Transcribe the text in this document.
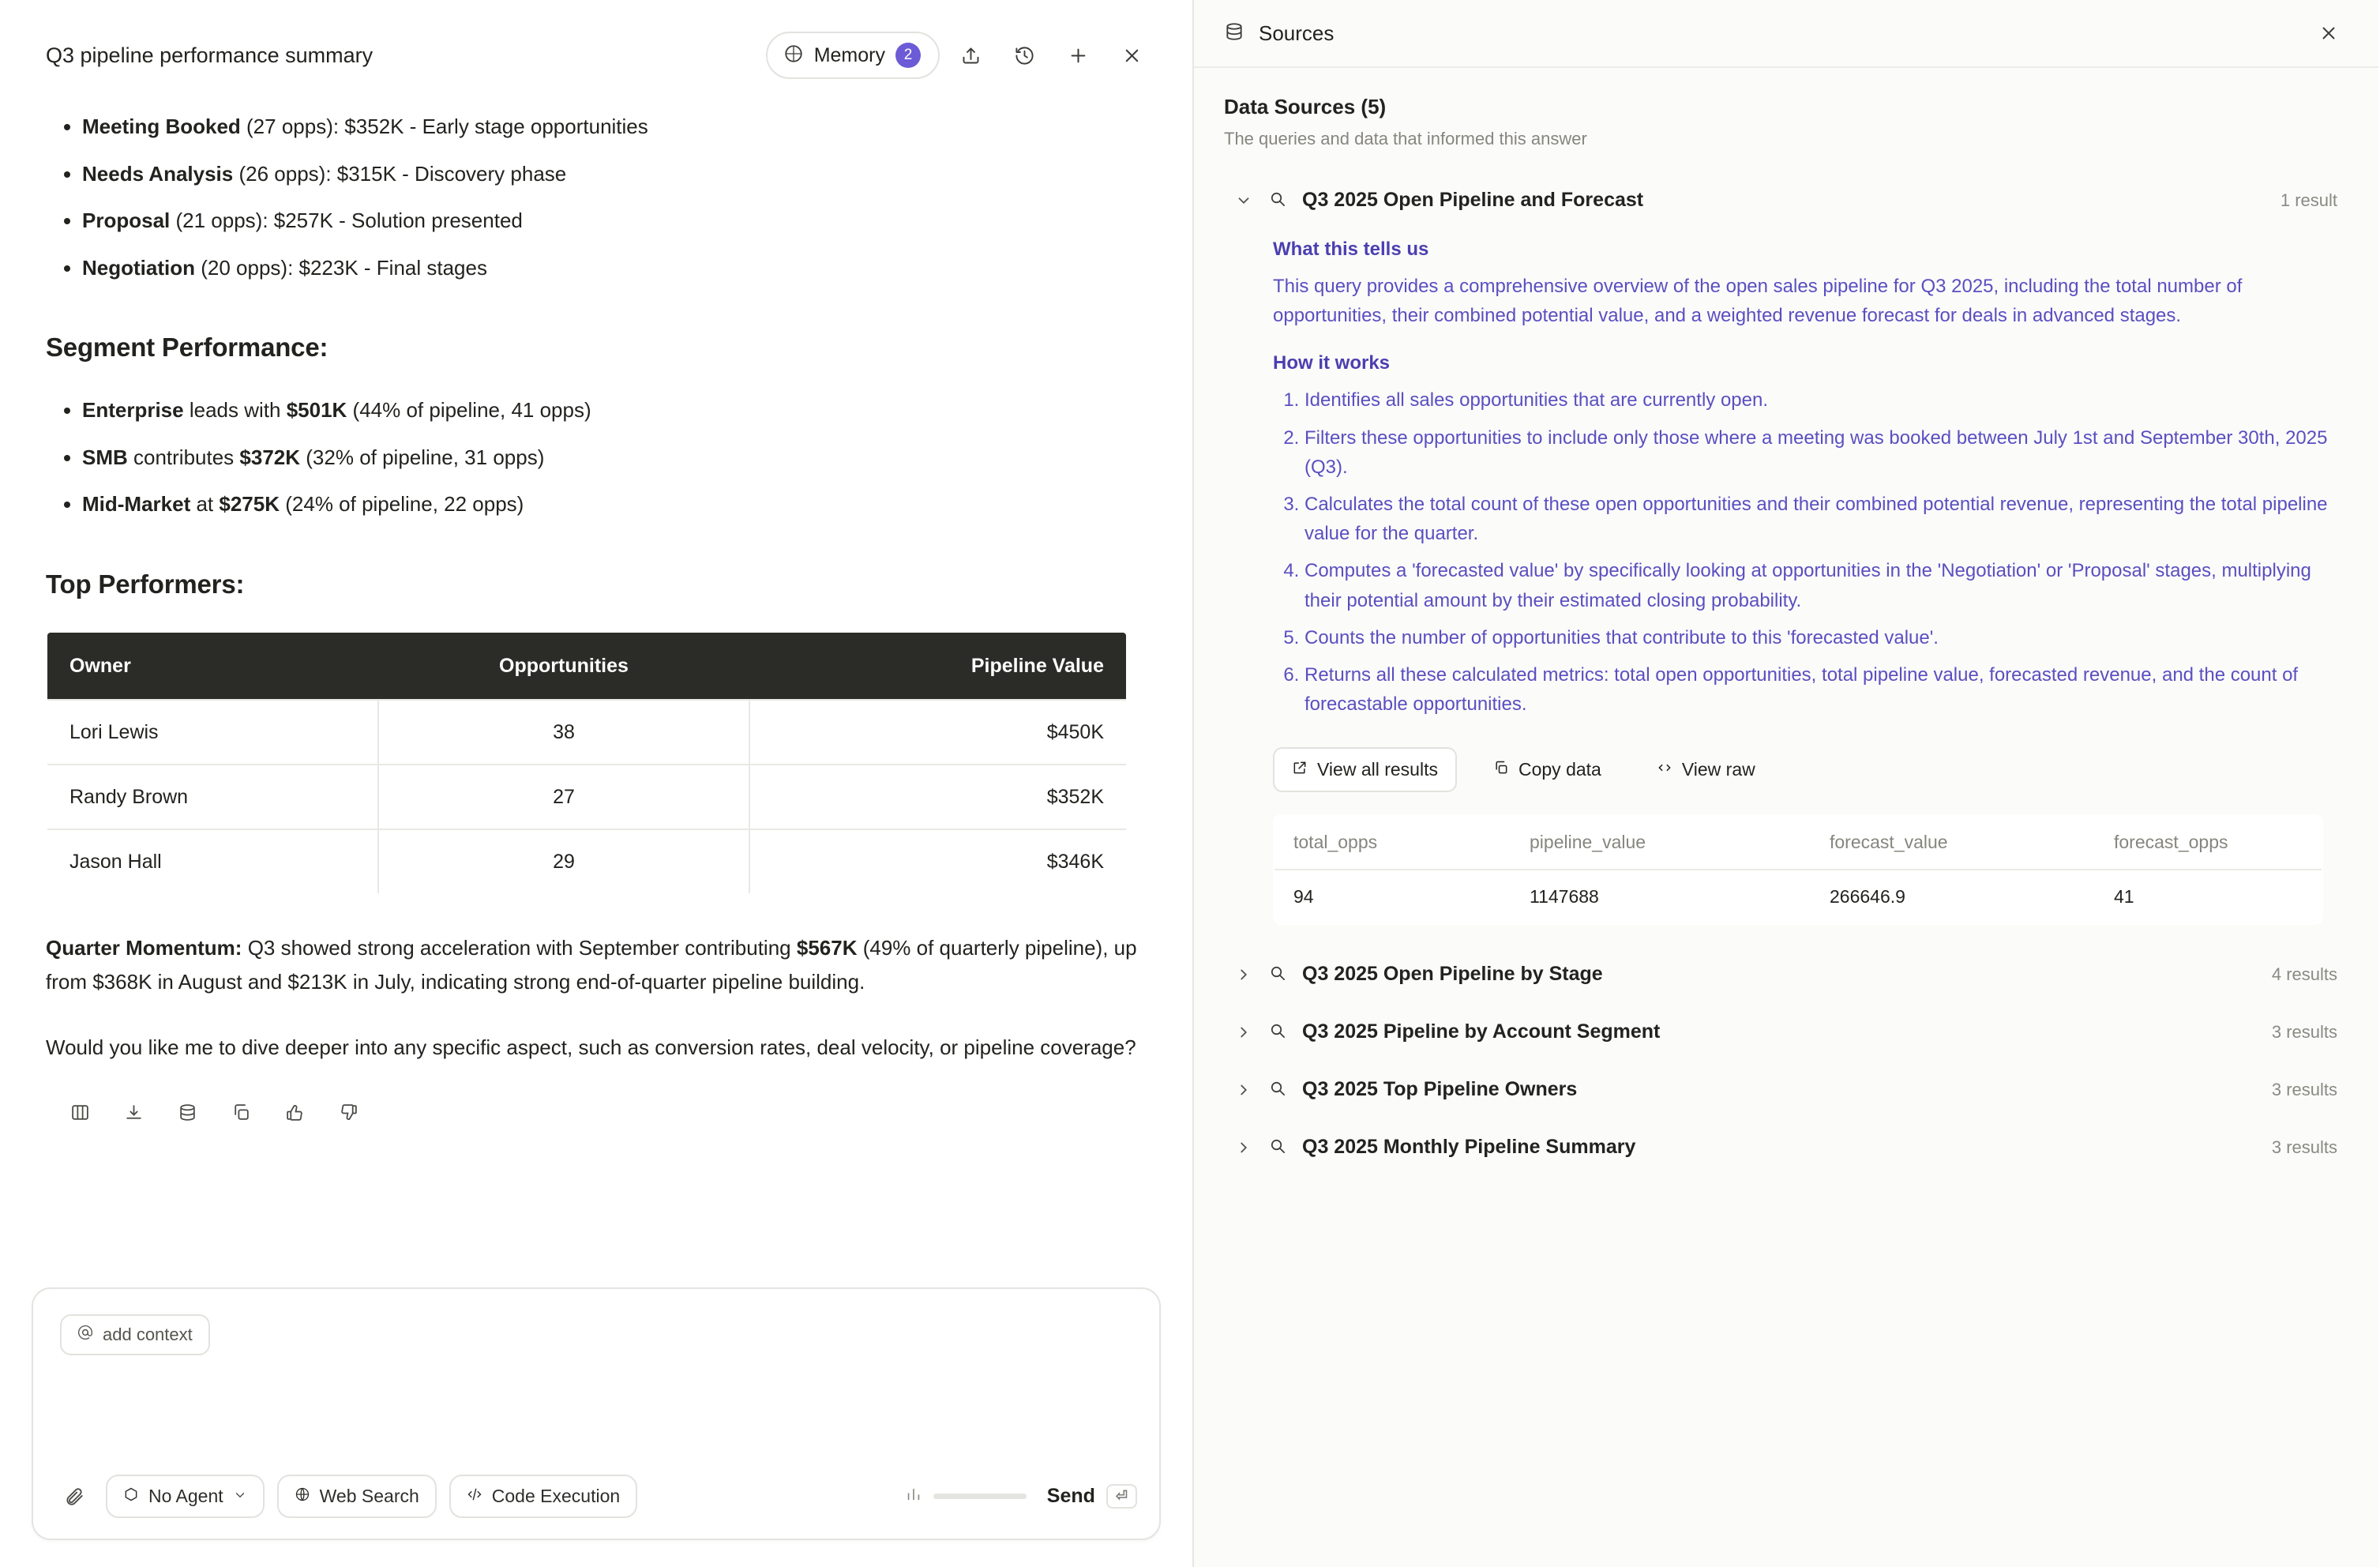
Q3 pipeline performance summary	Memory	2
• Meeting Booked (27 opps): $352K - Early stage opportunities
• Needs Analysis (26 opps): $315K - Discovery phase
• Proposal (21 opps): $257K - Solution presented
• Negotiation (20 opps): $223K - Final stages
Segment Performance:
• Enterprise leads with $501K (44% of pipeline, 41 opps)
• SMB contributes $372K (32% of pipeline, 31 opps)
• Mid-Market at $275K (24% of pipeline, 22 opps)
Top Performers:
Owner	Opportunities	Pipeline Value
Lori Lewis	38	$450K
Randy Brown	27	$352K
Jason Hall	29	$346K

Quarter Momentum: Q3 showed strong acceleration with September contributing $567K (49% of quarterly pipeline), up from $368K in August and $213K in July, indicating strong end-of-quarter pipeline building.

Would you like me to dive deeper into any specific aspect, such as conversion rates, deal velocity, or pipeline coverage?

add context
No Agent	Web Search	Code Execution	Send	⏎
Sources
Data Sources (5)
The queries and data that informed this answer
Q3 2025 Open Pipeline and Forecast	1 result
What this tells us
This query provides a comprehensive overview of the open sales pipeline for Q3 2025, including the total number of opportunities, their combined potential value, and a weighted revenue forecast for deals in advanced stages.
How it works
1. Identifies all sales opportunities that are currently open.
2. Filters these opportunities to include only those where a meeting was booked between July 1st and September 30th, 2025 (Q3).
3. Calculates the total count of these open opportunities and their combined potential revenue, representing the total pipeline value for the quarter.
4. Computes a 'forecasted value' by specifically looking at opportunities in the 'Negotiation' or 'Proposal' stages, multiplying their potential amount by their estimated closing probability.
5. Counts the number of opportunities that contribute to this 'forecasted value'.
6. Returns all these calculated metrics: total open opportunities, total pipeline value, forecasted revenue, and the count of forecastable opportunities.
View all results	Copy data	View raw
total_opps	pipeline_value	forecast_value	forecast_opps
94	1147688	266646.9	41
Q3 2025 Open Pipeline by Stage	4 results
Q3 2025 Pipeline by Account Segment	3 results
Q3 2025 Top Pipeline Owners	3 results
Q3 2025 Monthly Pipeline Summary	3 results
